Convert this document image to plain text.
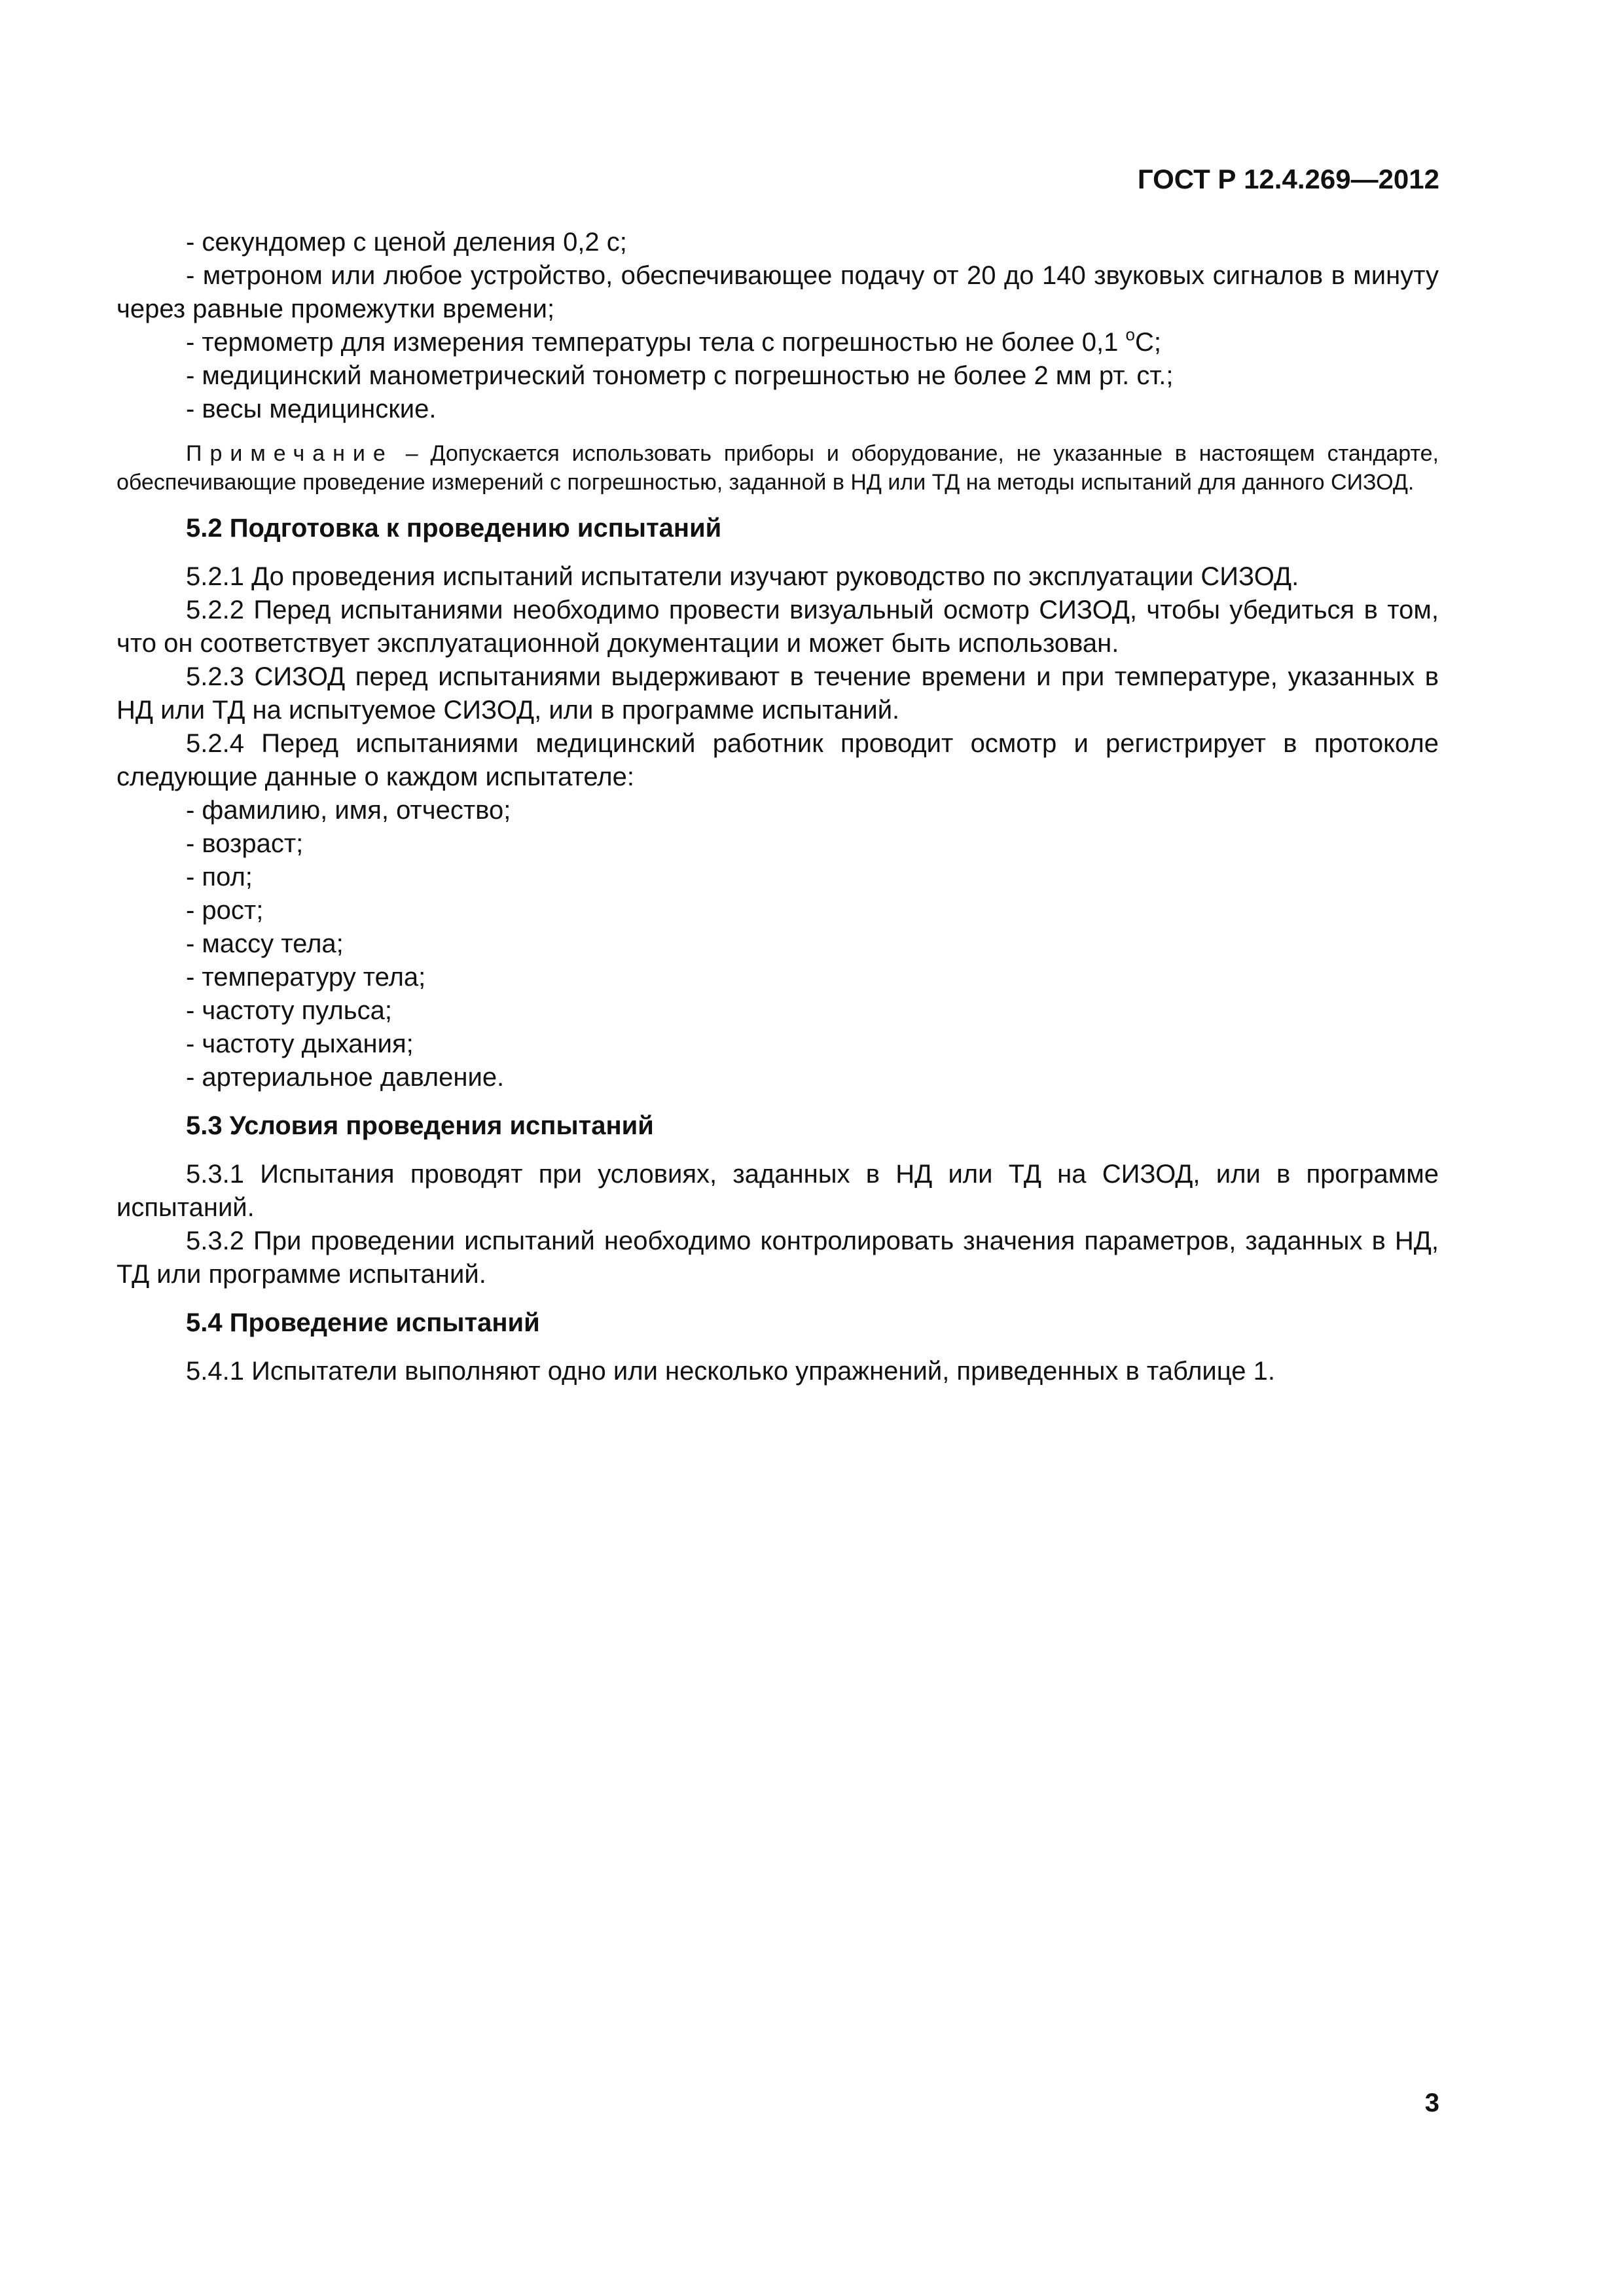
ГОСТ Р 12.4.269—2012

- секундомер с ценой деления 0,2 с;

- метроном или любое устройство, обеспечивающее подачу от 20 до 140 звуковых сигналов в минуту через равные промежутки времени;

- термометр для измерения температуры тела с погрешностью не более 0,1 $^o$C;

- медицинский манометрический тонометр с погрешностью не более 2 мм рт. ст.;

- весы медицинские.

Примечание – Допускается использовать приборы и оборудование, не указанные в настоящем стандарте, обеспечивающие проведение измерений с погрешностью, заданной в НД или ТД на методы испытаний для данного СИЗОД.

5.2 Подготовка к проведению испытаний

5.2.1 До проведения испытаний испытатели изучают руководство по эксплуатации СИЗОД.

5.2.2 Перед испытаниями необходимо провести визуальный осмотр СИЗОД, чтобы убедиться в том, что он соответствует эксплуатационной документации и может быть использован.

5.2.3 СИЗОД перед испытаниями выдерживают в течение времени и при температуре, указанных в НД или ТД на испытуемое СИЗОД, или в программе испытаний.

5.2.4 Перед испытаниями медицинский работник проводит осмотр и регистрирует в протоколе следующие данные о каждом испытателе:

- фамилию, имя, отчество;

- возраст;

- пол;

- рост;

- массу тела;

- температуру тела;

- частоту пульса;

- частоту дыхания;

- артериальное давление.

5.3 Условия проведения испытаний

5.3.1 Испытания проводят при условиях, заданных в НД или ТД на СИЗОД, или в программе испытаний.

5.3.2 При проведении испытаний необходимо контролировать значения параметров, заданных в НД, ТД или программе испытаний.

5.4 Проведение испытаний

5.4.1 Испытатели выполняют одно или несколько упражнений, приведенных в таблице 1.

3
